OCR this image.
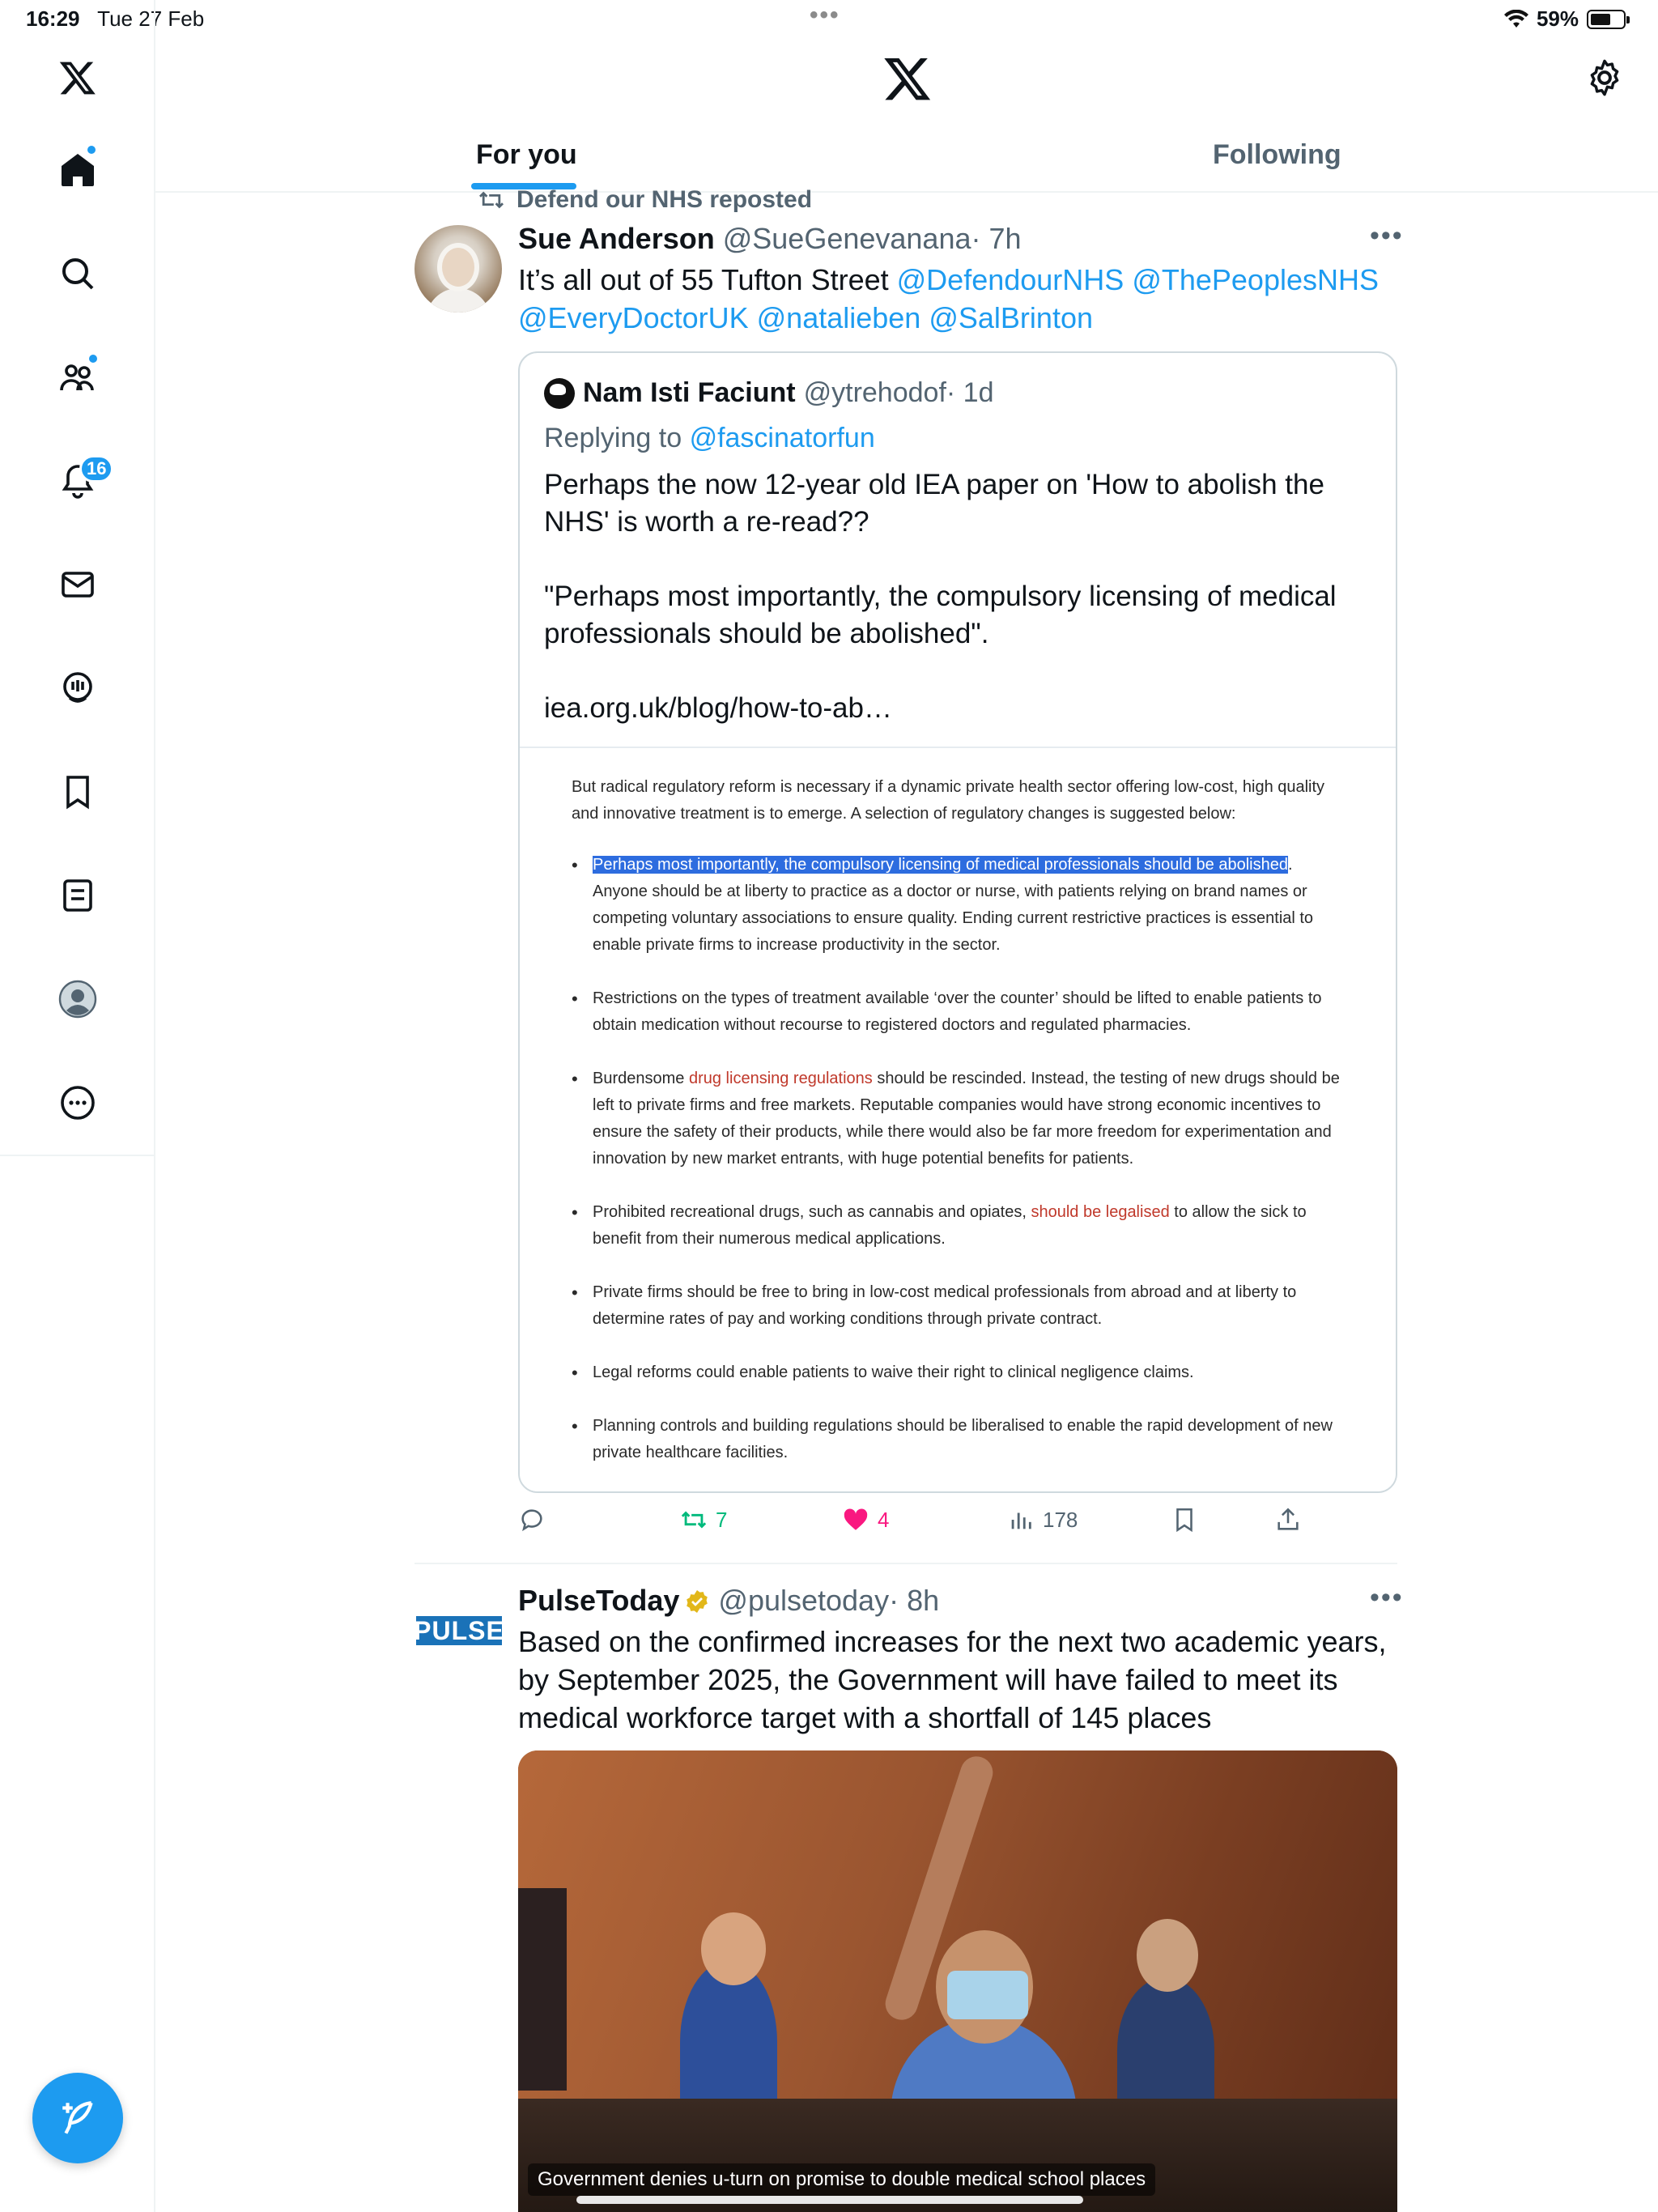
16:29 Tue 27 Feb	•••	59%
16
For you	Following
Defend our NHS reposted
Sue Anderson @SueGenevanana· 7h	•••
It’s all out of 55 Tufton Street @DefendourNHS @ThePeoplesNHS @EveryDoctorUK @natalieben @SalBrinton
Nam Isti Faciunt @ytrehodof· 1d
Replying to @fascinatorfun

Perhaps the now 12-year old IEA paper on 'How to abolish the NHS' is worth a re-read??

"Perhaps most importantly, the compulsory licensing of medical professionals should be abolished".

iea.org.uk/blog/how-to-ab…

But radical regulatory reform is necessary if a dynamic private health sector offering low-cost, high quality and innovative treatment is to emerge. A selection of regulatory changes is suggested below:
• Perhaps most importantly, the compulsory licensing of medical professionals should be abolished. Anyone should be at liberty to practice as a doctor or nurse, with patients relying on brand names or competing voluntary associations to ensure quality. Ending current restrictive practices is essential to enable private firms to increase productivity in the sector.
• Restrictions on the types of treatment available ‘over the counter’ should be lifted to enable patients to obtain medication without recourse to registered doctors and regulated pharmacies.
• Burdensome drug licensing regulations should be rescinded. Instead, the testing of new drugs should be left to private firms and free markets. Reputable companies would have strong economic incentives to ensure the safety of their products, while there would also be far more freedom for experimentation and innovation by new market entrants, with huge potential benefits for patients.
• Prohibited recreational drugs, such as cannabis and opiates, should be legalised to allow the sick to benefit from their numerous medical applications.
• Private firms should be free to bring in low-cost medical professionals from abroad and at liberty to determine rates of pay and working conditions through private contract.
• Legal reforms could enable patients to waive their right to clinical negligence claims.
• Planning controls and building regulations should be liberalised to enable the rapid development of new private healthcare facilities.
7	4	178
PULSE
PulseToday @pulsetoday· 8h	•••
Based on the confirmed increases for the next two academic years, by September 2025, the Government will have failed to meet its medical workforce target with a shortfall of 145 places
Government denies u-turn on promise to double medical school places
